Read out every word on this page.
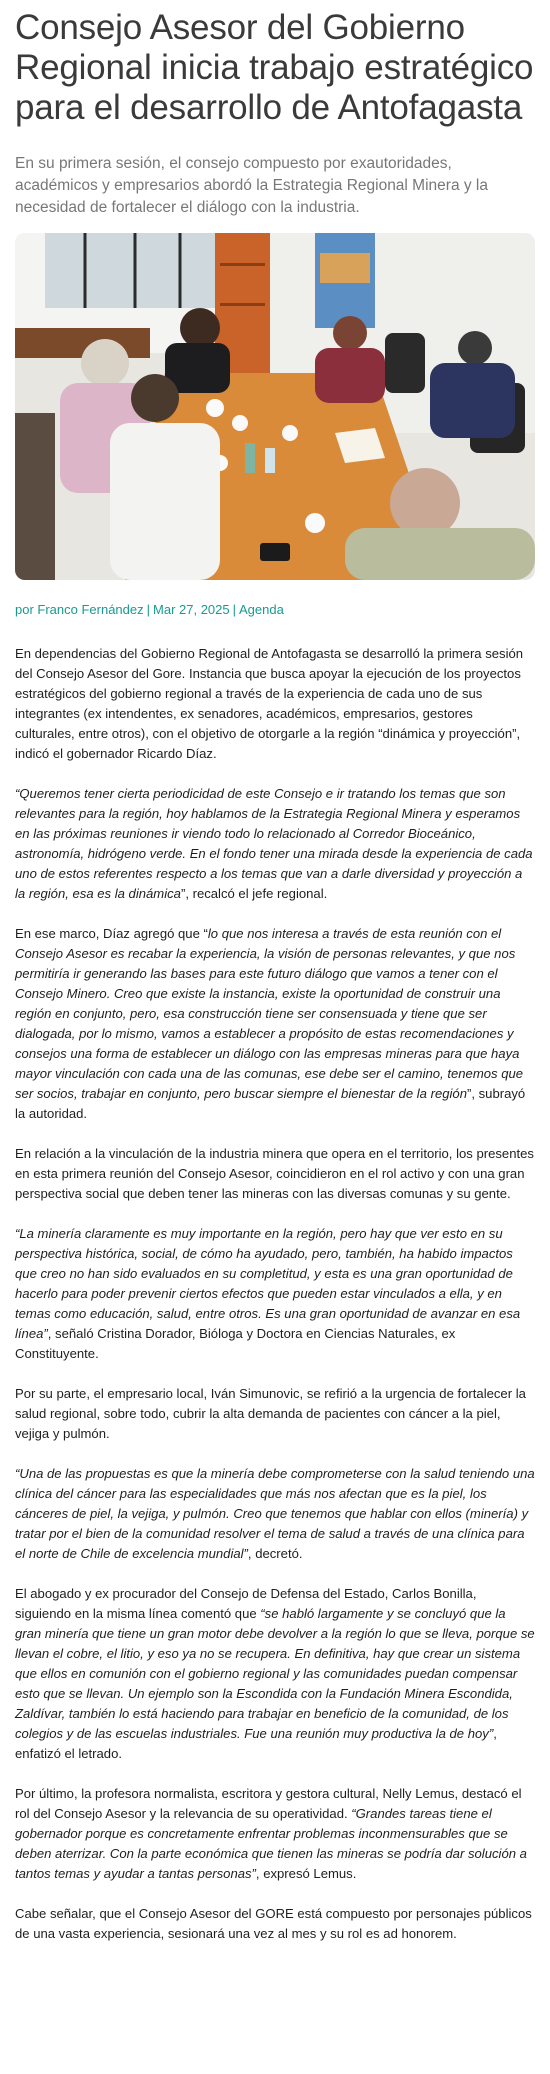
Consejo Asesor del Gobierno Regional inicia trabajo estratégico para el desarrollo de Antofagasta
En su primera sesión, el consejo compuesto por exautoridades, académicos y empresarios abordó la Estrategia Regional Minera y la necesidad de fortalecer el diálogo con la industria.
por Franco Fernández | Mar 27, 2025 | Agenda

En dependencias del Gobierno Regional de Antofagasta se desarrolló la primera sesión del Consejo Asesor del Gore. Instancia que busca apoyar la ejecución de los proyectos estratégicos del gobierno regional a través de la experiencia de cada uno de sus integrantes (ex intendentes, ex senadores, académicos, empresarios, gestores culturales, entre otros), con el objetivo de otorgarle a la región “dinámica y proyección”, indicó el gobernador Ricardo Díaz.

“Queremos tener cierta periodicidad de este Consejo e ir tratando los temas que son relevantes para la región, hoy hablamos de la Estrategia Regional Minera y esperamos en las próximas reuniones ir viendo todo lo relacionado al Corredor Bioceánico, astronomía, hidrógeno verde. En el fondo tener una mirada desde la experiencia de cada uno de estos referentes respecto a los temas que van a darle diversidad y proyección a la región, esa es la dinámica”, recalcó el jefe regional.

En ese marco, Díaz agregó que “lo que nos interesa a través de esta reunión con el Consejo Asesor es recabar la experiencia, la visión de personas relevantes, y que nos permitiría ir generando las bases para este futuro diálogo que vamos a tener con el Consejo Minero. Creo que existe la instancia, existe la oportunidad de construir una región en conjunto, pero, esa construcción tiene ser consensuada y tiene que ser dialogada, por lo mismo, vamos a establecer a propósito de estas recomendaciones y consejos una forma de establecer un diálogo con las empresas mineras para que haya mayor vinculación con cada una de las comunas, ese debe ser el camino, tenemos que ser socios, trabajar en conjunto, pero buscar siempre el bienestar de la región”, subrayó la autoridad.

En relación a la vinculación de la industria minera que opera en el territorio, los presentes en esta primera reunión del Consejo Asesor, coincidieron en el rol activo y con una gran perspectiva social que deben tener las mineras con las diversas comunas y su gente.

“La minería claramente es muy importante en la región, pero hay que ver esto en su perspectiva histórica, social, de cómo ha ayudado, pero, también, ha habido impactos que creo no han sido evaluados en su completitud, y esta es una gran oportunidad de hacerlo para poder prevenir ciertos efectos que pueden estar vinculados a ella, y en temas como educación, salud, entre otros. Es una gran oportunidad de avanzar en esa línea”, señaló Cristina Dorador, Bióloga y Doctora en Ciencias Naturales, ex Constituyente.

Por su parte, el empresario local, Iván Simunovic, se refirió a la urgencia de fortalecer la salud regional, sobre todo, cubrir la alta demanda de pacientes con cáncer a la piel, vejiga y pulmón.

“Una de las propuestas es que la minería debe comprometerse con la salud teniendo una clínica del cáncer para las especialidades que más nos afectan que es la piel, los cánceres de piel, la vejiga, y pulmón. Creo que tenemos que hablar con ellos (minería) y tratar por el bien de la comunidad resolver el tema de salud a través de una clínica para el norte de Chile de excelencia mundial”, decretó.

El abogado y ex procurador del Consejo de Defensa del Estado, Carlos Bonilla, siguiendo en la misma línea comentó que “se habló largamente y se concluyó que la gran minería que tiene un gran motor debe devolver a la región lo que se lleva, porque se llevan el cobre, el litio, y eso ya no se recupera. En definitiva, hay que crear un sistema que ellos en comunión con el gobierno regional y las comunidades puedan compensar esto que se llevan. Un ejemplo son la Escondida con la Fundación Minera Escondida, Zaldívar, también lo está haciendo para trabajar en beneficio de la comunidad, de los colegios y de las escuelas industriales. Fue una reunión muy productiva la de hoy”, enfatizó el letrado.

Por último, la profesora normalista, escritora y gestora cultural, Nelly Lemus, destacó el rol del Consejo Asesor y la relevancia de su operatividad. “Grandes tareas tiene el gobernador porque es concretamente enfrentar problemas inconmensurables que se deben aterrizar. Con la parte económica que tienen las mineras se podría dar solución a tantos temas y ayudar a tantas personas”, expresó Lemus.

Cabe señalar, que el Consejo Asesor del GORE está compuesto por personajes públicos de una vasta experiencia, sesionará una vez al mes y su rol es ad honorem.
